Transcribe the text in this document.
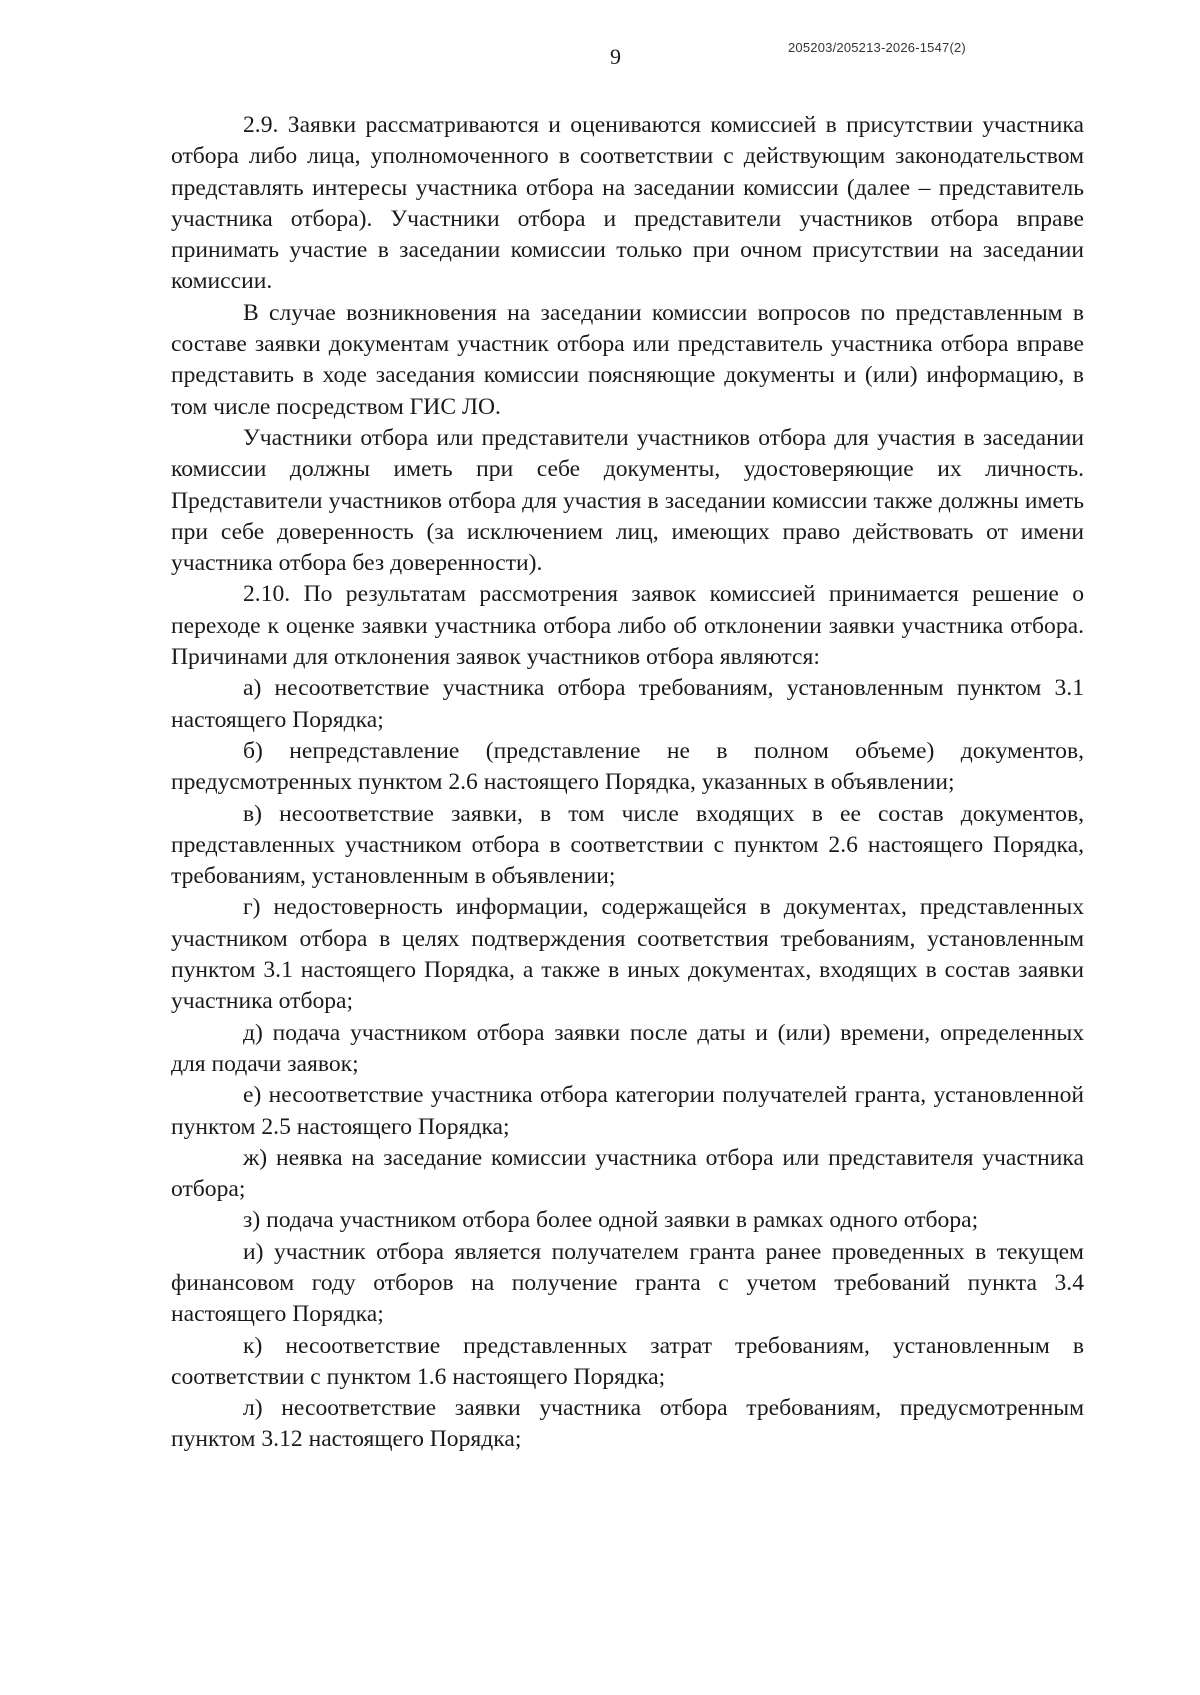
9	205203/205213-2026-1547(2)

2.9. Заявки рассматриваются и оцениваются комиссией в присутствии участника отбора либо лица, уполномоченного в соответствии с действующим законодательством представлять интересы участника отбора на заседании комиссии (далее – представитель участника отбора). Участники отбора и представители участников отбора вправе принимать участие в заседании комиссии только при очном присутствии на заседании комиссии.

В случае возникновения на заседании комиссии вопросов по представленным в составе заявки документам участник отбора или представитель участника отбора вправе представить в ходе заседания комиссии поясняющие документы и (или) информацию, в том числе посредством ГИС ЛО.

Участники отбора или представители участников отбора для участия в заседании комиссии должны иметь при себе документы, удостоверяющие их личность. Представители участников отбора для участия в заседании комиссии также должны иметь при себе доверенность (за исключением лиц, имеющих право действовать от имени участника отбора без доверенности).

2.10. По результатам рассмотрения заявок комиссией принимается решение о переходе к оценке заявки участника отбора либо об отклонении заявки участника отбора. Причинами для отклонения заявок участников отбора являются:

а) несоответствие участника отбора требованиям, установленным пунктом 3.1 настоящего Порядка;

б) непредставление (представление не в полном объеме) документов, предусмотренных пунктом 2.6 настоящего Порядка, указанных в объявлении;

в) несоответствие заявки, в том числе входящих в ее состав документов, представленных участником отбора в соответствии с пунктом 2.6 настоящего Порядка, требованиям, установленным в объявлении;

г) недостоверность информации, содержащейся в документах, представленных участником отбора в целях подтверждения соответствия требованиям, установленным пунктом 3.1 настоящего Порядка, а также в иных документах, входящих в состав заявки участника отбора;

д) подача участником отбора заявки после даты и (или) времени, определенных для подачи заявок;

е) несоответствие участника отбора категории получателей гранта, установленной пунктом 2.5 настоящего Порядка;

ж) неявка на заседание комиссии участника отбора или представителя участника отбора;

з) подача участником отбора более одной заявки в рамках одного отбора;

и) участник отбора является получателем гранта ранее проведенных в текущем финансовом году отборов на получение гранта с учетом требований пункта 3.4 настоящего Порядка;

к) несоответствие представленных затрат требованиям, установленным в соответствии с пунктом 1.6 настоящего Порядка;

л) несоответствие заявки участника отбора требованиям, предусмотренным пунктом 3.12 настоящего Порядка;
